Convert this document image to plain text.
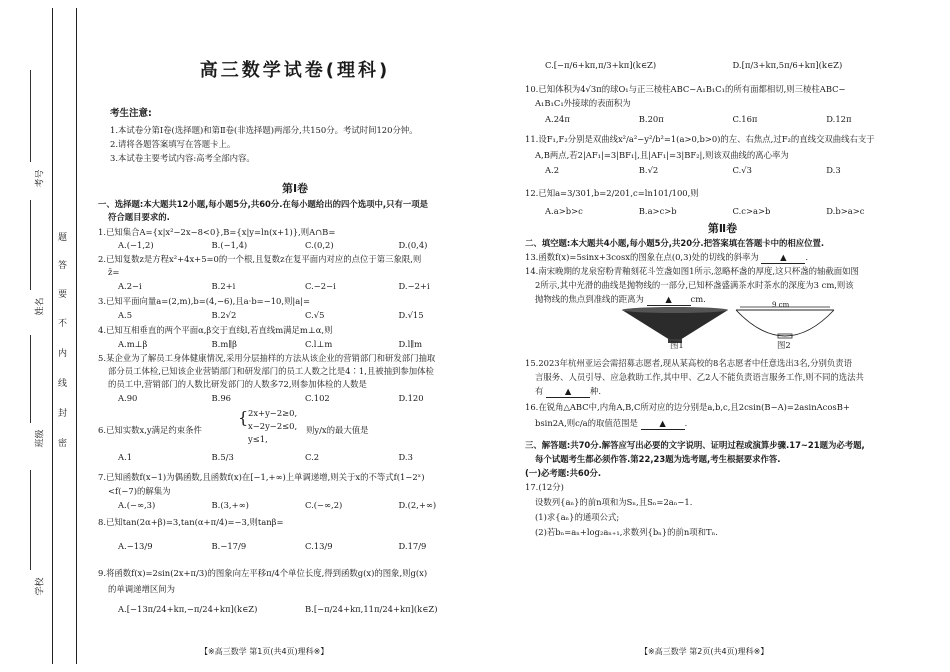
考号
姓名
班级
学校
题
答
要
不
内
线
封
密
高三数学试卷(理科)
考生注意:
1.本试卷分第Ⅰ卷(选择题)和第Ⅱ卷(非选择题)两部分,共150分。考试时间120分钟。
2.请将各题答案填写在答题卡上。
3.本试卷主要考试内容:高考全部内容。
第Ⅰ卷
一、选择题:本大题共12小题,每小题5分,共60分.在每小题给出的四个选项中,只有一项是
符合题目要求的.
1.已知集合A={x|x²−2x−8<0},B={x|y=ln(x+1)},则A∩B=
A.(−1,2)	B.(−1,4)	C.(0,2)	D.(0,4)
2.已知复数z是方程x²+4x+5=0的一个根,且复数z在复平面内对应的点位于第三象限,则
z̄=
A.2−i	B.2+i	C.−2−i	D.−2+i
3.已知平面向量a=(2,m),b=(4,−6),且a·b=−10,则|a|=
A.5	B.2√2	C.√5	D.√15
4.已知互相垂直的两个平面α,β交于直线l,若直线m满足m⊥α,则
A.m⊥β	B.m∥β	C.l⊥m	D.l∥m
5.某企业为了解员工身体健康情况,采用分层抽样的方法从该企业的营销部门和研发部门抽取
部分员工体检,已知该企业营销部门和研发部门的员工人数之比是4∶1,且被抽到参加体检
的员工中,营销部门的人数比研发部门的人数多72,则参加体检的人数是
A.90	B.96	C.102	D.120
6.已知实数x,y满足约束条件
{ 2x+y−2≥0,
x−2y−2≤0,
y≤1,
则y/x的最大值是
A.1	B.5/3	C.2	D.3
7.已知函数f(x−1)为偶函数,且函数f(x)在[−1,+∞)上单调递增,则关于x的不等式f(1−2ˣ)
<f(−7)的解集为
A.(−∞,3)	B.(3,+∞)	C.(−∞,2)	D.(2,+∞)
8.已知tan(2α+β)=3,tan(α+π/4)=−3,则tanβ=
A.−13/9	B.−17/9	C.13/9	D.17/9
9.将函数f(x)=2sin(2x+π/3)的图象向左平移π/4个单位长度,得到函数g(x)的图象,则g(x)
的单调递增区间为
A.[−13π/24+kπ,−π/24+kπ](k∈Z)	B.[−π/24+kπ,11π/24+kπ](k∈Z)
C.[−π/6+kπ,π/3+kπ](k∈Z)	D.[π/3+kπ,5π/6+kπ](k∈Z)
10.已知体积为4√3π的球O₁与正三棱柱ABC−A₁B₁C₁的所有面都相切,则三棱柱ABC−
A₁B₁C₁外接球的表面积为
A.24π	B.20π	C.16π	D.12π
11.设F₁,F₂分别是双曲线x²/a²−y²/b²=1(a>0,b>0)的左、右焦点,过F₂的直线交双曲线右支于
A,B两点,若2|AF₁|=3|BF₁|,且|AF₁|=3|BF₂|,则该双曲线的离心率为
A.2	B.√2	C.√3	D.3
12.已知a=3/301,b=2/201,c=ln101/100,则
A.a>b>c	B.a>c>b	C.c>a>b	D.b>a>c
第Ⅱ卷
二、填空题:本大题共4小题,每小题5分,共20分.把答案填在答题卡中的相应位置.
13.函数f(x)=5sinx+3cosx的图象在点(0,3)处的切线的斜率为	▲ .
14.南宋晚期的龙泉窑粉青釉刻花斗笠盏如图1所示,忽略杯盏的厚度,这只杯盏的轴截面如图
2所示,其中光滑的曲线是抛物线的一部分,已知杯盏盛满茶水时茶水的深度为3 cm,则该
抛物线的焦点到准线的距离为	▲ cm.
图1
9 cm
图2
15.2023年杭州亚运会需招募志愿者,现从某高校的8名志愿者中任意选出3名,分别负责语
言服务、人员引导、应急救助工作,其中甲、乙2人不能负责语言服务工作,则不同的选法共
有	▲ 种.
16.在锐角△ABC中,内角A,B,C所对应的边分别是a,b,c,且2csin(B−A)=2asinAcosB+
bsin2A,则c/a的取值范围是	▲ .
三、解答题:共70分.解答应写出必要的文字说明、证明过程或演算步骤.17~21题为必考题,
每个试题考生都必须作答.第22,23题为选考题,考生根据要求作答.
(一)必考题:共60分.
17.(12分)
设数列{aₙ}的前n项和为Sₙ,且Sₙ=2aₙ−1.
(1)求{aₙ}的通项公式;
(2)若bₙ=aₙ+log₂aₙ₊₁,求数列{bₙ}的前n项和Tₙ.
【※高三数学 第1页(共4页)理科※】	【※高三数学 第2页(共4页)理科※】
